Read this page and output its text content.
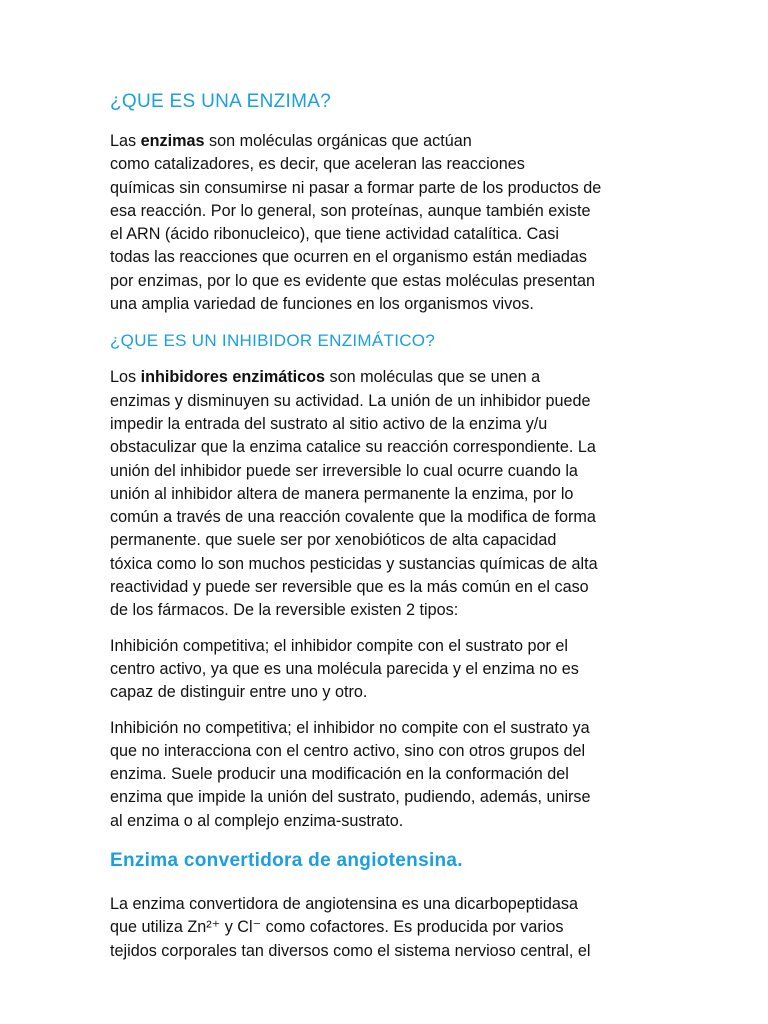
¿QUE ES UNA ENZIMA?

Las enzimas son moléculas orgánicas que actúan
como catalizadores, es decir, que aceleran las reacciones
químicas sin consumirse ni pasar a formar parte de los productos de
esa reacción. Por lo general, son proteínas, aunque también existe
el ARN (ácido ribonucleico), que tiene actividad catalítica. Casi
todas las reacciones que ocurren en el organismo están mediadas
por enzimas, por lo que es evidente que estas moléculas presentan
una amplia variedad de funciones en los organismos vivos.

¿QUE ES UN INHIBIDOR ENZIMÁTICO?

Los inhibidores enzimáticos son moléculas que se unen a
enzimas y disminuyen su actividad. La unión de un inhibidor puede
impedir la entrada del sustrato al sitio activo de la enzima y/u
obstaculizar que la enzima catalice su reacción correspondiente. La
unión del inhibidor puede ser irreversible lo cual ocurre cuando la
unión al inhibidor altera de manera permanente la enzima, por lo
común a través de una reacción covalente que la modifica de forma
permanente. que suele ser por xenobióticos de alta capacidad
tóxica como lo son muchos pesticidas y sustancias químicas de alta
reactividad y puede ser reversible que es la más común en el caso
de los fármacos. De la reversible existen 2 tipos:

Inhibición competitiva; el inhibidor compite con el sustrato por el
centro activo, ya que es una molécula parecida y el enzima no es
capaz de distinguir entre uno y otro.

Inhibición no competitiva; el inhibidor no compite con el sustrato ya
que no interacciona con el centro activo, sino con otros grupos del
enzima. Suele producir una modificación en la conformación del
enzima que impide la unión del sustrato, pudiendo, además, unirse
al enzima o al complejo enzima-sustrato.

Enzima convertidora de angiotensina.

La enzima convertidora de angiotensina es una dicarbopeptidasa
que utiliza Zn²⁺ y Cl⁻ como cofactores. Es producida por varios
tejidos corporales tan diversos como el sistema nervioso central, el
